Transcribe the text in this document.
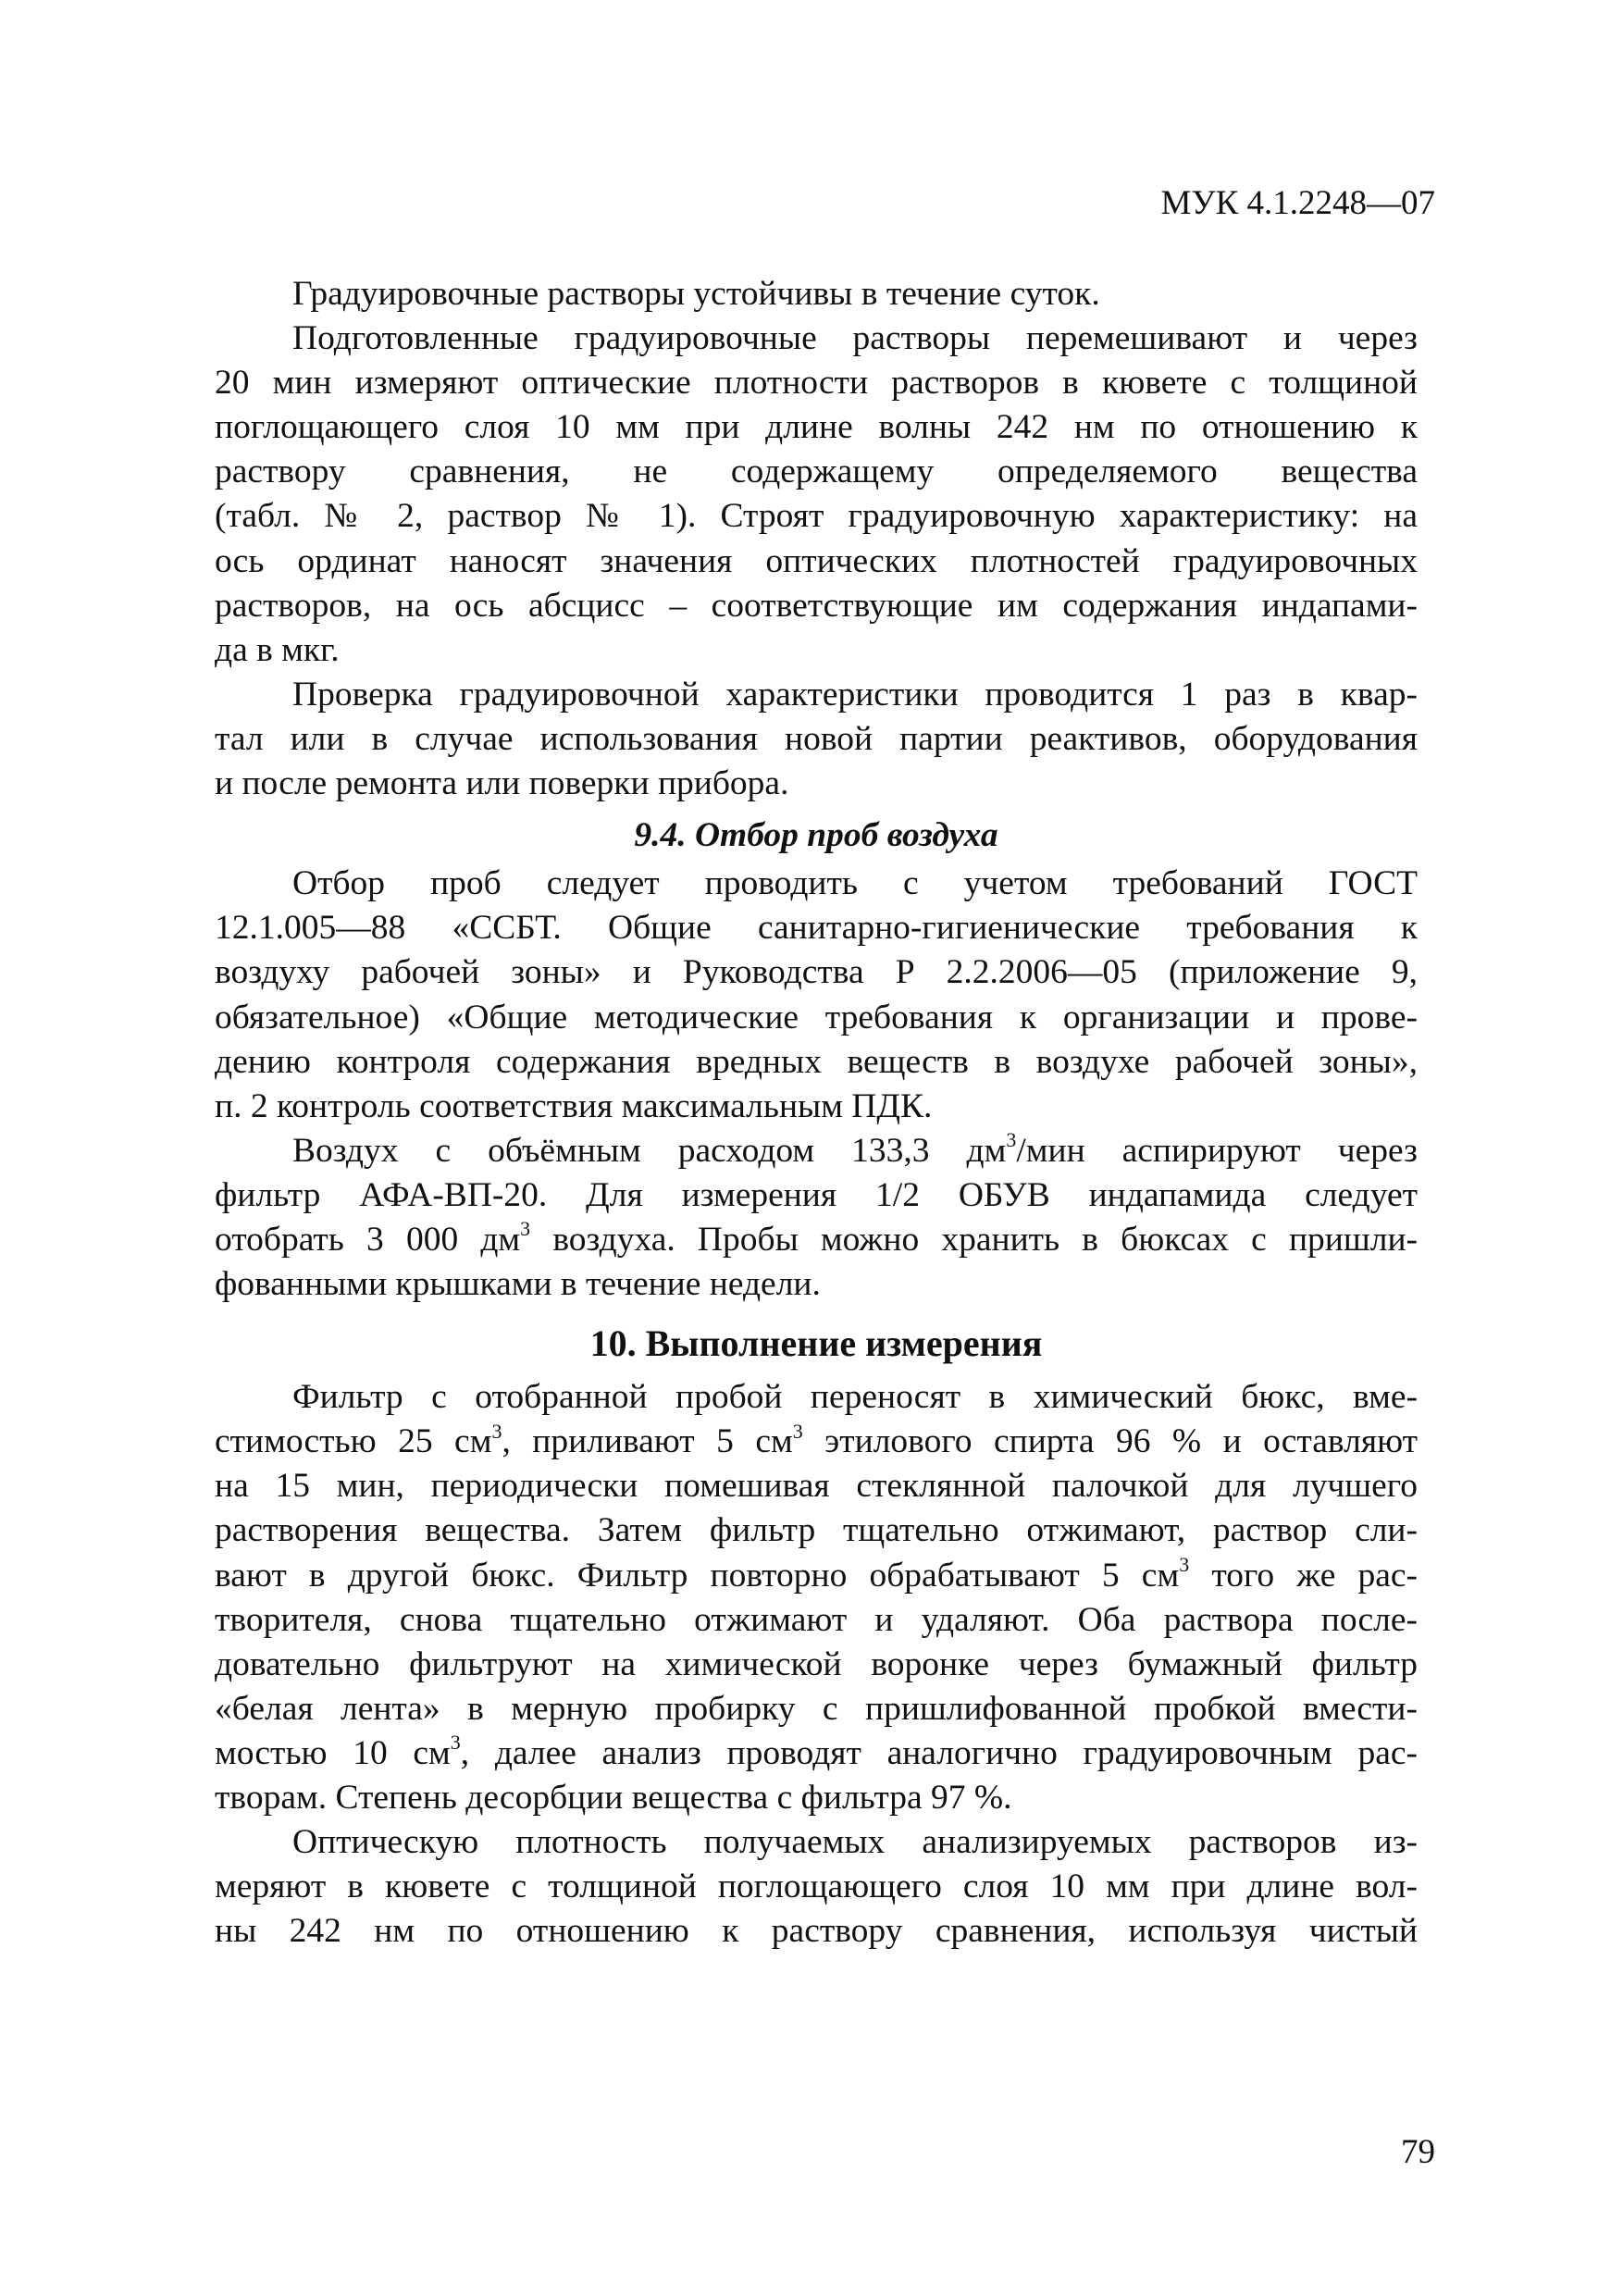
МУК 4.1.2248—07
Градуировочные растворы устойчивы в течение суток.
Подготовленные градуировочные растворы перемешивают и через
20 мин измеряют оптические плотности растворов в кювете с толщиной
поглощающего слоя 10 мм при длине волны 242 нм по отношению к
раствору сравнения, не содержащему определяемого вещества
(табл. № 2, раствор № 1). Строят градуировочную характеристику: на
ось ординат наносят значения оптических плотностей градуировочных
растворов, на ось абсцисс – соответствующие им содержания индапами-
да в мкг.
Проверка градуировочной характеристики проводится 1 раз в квар-
тал или в случае использования новой партии реактивов, оборудования
и после ремонта или поверки прибора.
9.4. Отбор проб воздуха
Отбор проб следует проводить с учетом требований ГОСТ
12.1.005—88 «ССБТ. Общие санитарно-гигиенические требования к
воздуху рабочей зоны» и Руководства Р 2.2.2006—05 (приложение 9,
обязательное) «Общие методические требования к организации и прове-
дению контроля содержания вредных веществ в воздухе рабочей зоны»,
п. 2 контроль соответствия максимальным ПДК.
Воздух с объёмным расходом 133,3 $дм^3$/мин аспирируют через
фильтр АФА-ВП-20. Для измерения 1/2 ОБУВ индапамида следует
отобрать 3 000 $дм^3$ воздуха. Пробы можно хранить в бюксах с пришли-
фованными крышками в течение недели.
10. Выполнение измерения
Фильтр с отобранной пробой переносят в химический бюкс, вме-
стимостью 25 $см^3$, приливают 5 $см^3$ этилового спирта 96 % и оставляют
на 15 мин, периодически помешивая стеклянной палочкой для лучшего
растворения вещества. Затем фильтр тщательно отжимают, раствор сли-
вают в другой бюкс. Фильтр повторно обрабатывают 5 $см^3$ того же рас-
творителя, снова тщательно отжимают и удаляют. Оба раствора после-
довательно фильтруют на химической воронке через бумажный фильтр
«белая лента» в мерную пробирку с пришлифованной пробкой вмести-
мостью 10 $см^3$, далее анализ проводят аналогично градуировочным рас-
творам. Степень десорбции вещества с фильтра 97 %.
Оптическую плотность получаемых анализируемых растворов из-
меряют в кювете с толщиной поглощающего слоя 10 мм при длине вол-
ны 242 нм по отношению к раствору сравнения, используя чистый
79
